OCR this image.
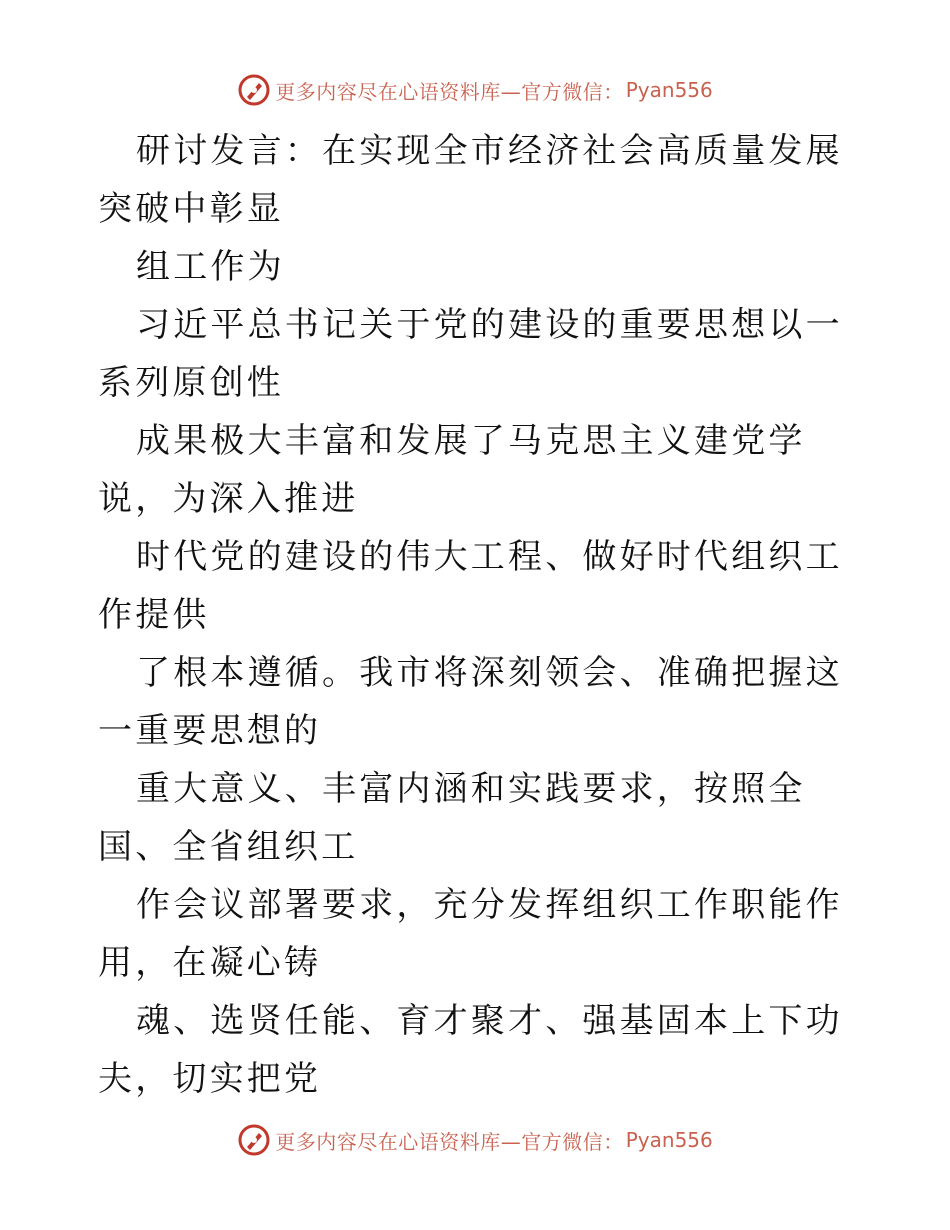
更多内容尽在心语资料库—官方微信： Pyan556

研讨发言：在实现全市经济社会高质量发展突破中彰显

组工作为

习近平总书记关于党的建设的重要思想以一系列原创性

成果极大丰富和发展了马克思主义建党学说，为深入推进

时代党的建设的伟大工程、做好时代组织工作提供

了根本遵循。我市将深刻领会、准确把握这一重要思想的

重大意义、丰富内涵和实践要求，按照全国、全省组织工

作会议部署要求，充分发挥组织工作职能作用，在凝心铸

魂、选贤任能、育才聚才、强基固本上下功夫，切实把党

更多内容尽在心语资料库—官方微信： Pyan556
